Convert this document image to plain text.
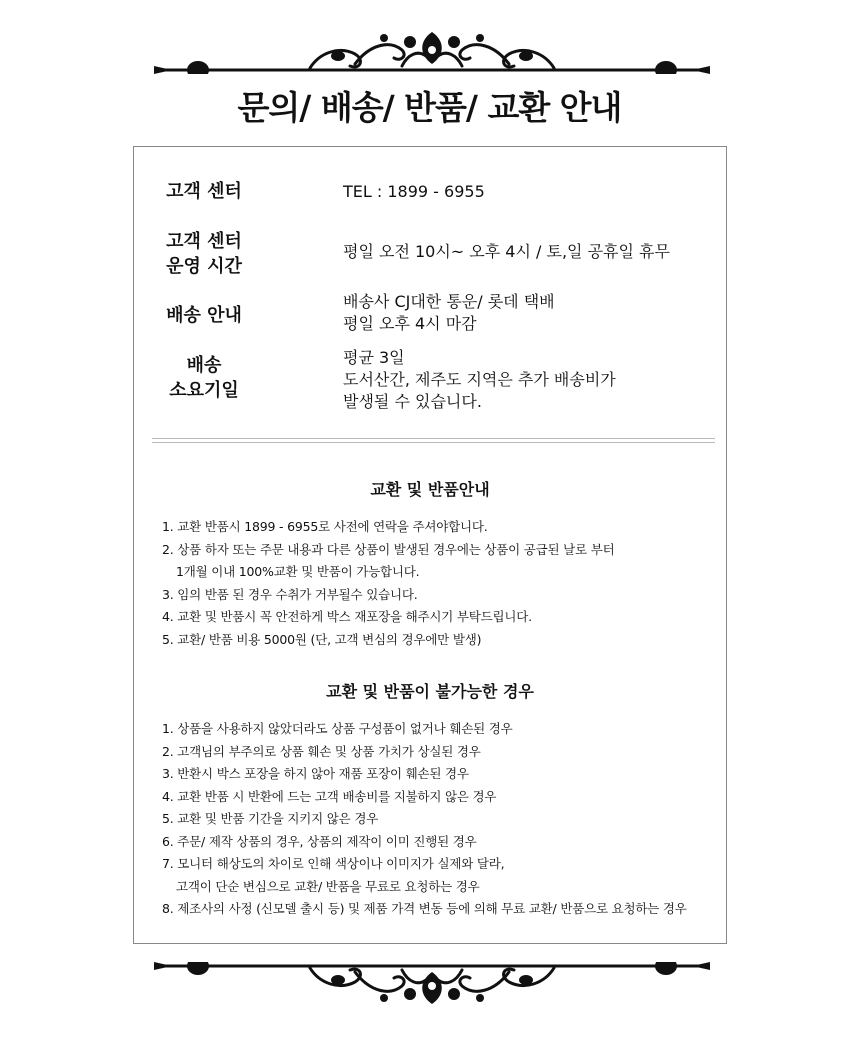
문의/ 배송/ 반품/ 교환 안내
고객 센터	TEL : 1899 - 6955
고객 센터
운영 시간
평일 오전 10시~ 오후 4시 / 토,일 공휴일 휴무
배송 안내
배송사 CJ대한 통운/ 롯데 택배
평일 오후 4시 마감
배송
소요기일
평균 3일
도서산간, 제주도 지역은 추가 배송비가
발생될 수 있습니다.
교환 및 반품안내
1. 교환 반품시 1899 - 6955로 사전에 연락을 주셔야합니다.
2. 상품 하자 또는 주문 내용과 다른 상품이 발생된 경우에는 상품이 공급된 날로 부터
1개월 이내 100%교환 및 반품이 가능합니다.
3. 임의 반품 된 경우 수취가 거부될수 있습니다.
4. 교환 및 반품시 꼭 안전하게 박스 재포장을 해주시기 부탁드립니다.
5. 교환/ 반품 비용 5000원 (단, 고객 변심의 경우에만 발생)
교환 및 반품이 불가능한 경우
1. 상품을 사용하지 않았더라도 상품 구성품이 없거나 훼손된 경우
2. 고객님의 부주의로 상품 훼손 및 상품 가치가 상실된 경우
3. 반환시 박스 포장을 하지 않아 재품 포장이 훼손된 경우
4. 교환 반품 시 반환에 드는 고객 배송비를 지불하지 않은 경우
5. 교환 및 반품 기간을 지키지 않은 경우
6. 주문/ 제작 상품의 경우, 상품의 제작이 이미 진행된 경우
7. 모니터 해상도의 차이로 인해 색상이나 이미지가 실제와 달라,
고객이 단순 변심으로 교환/ 반품을 무료로 요청하는 경우
8. 제조사의 사정 (신모델 출시 등) 및 제품 가격 변동 등에 의해 무료 교환/ 반품으로 요청하는 경우
